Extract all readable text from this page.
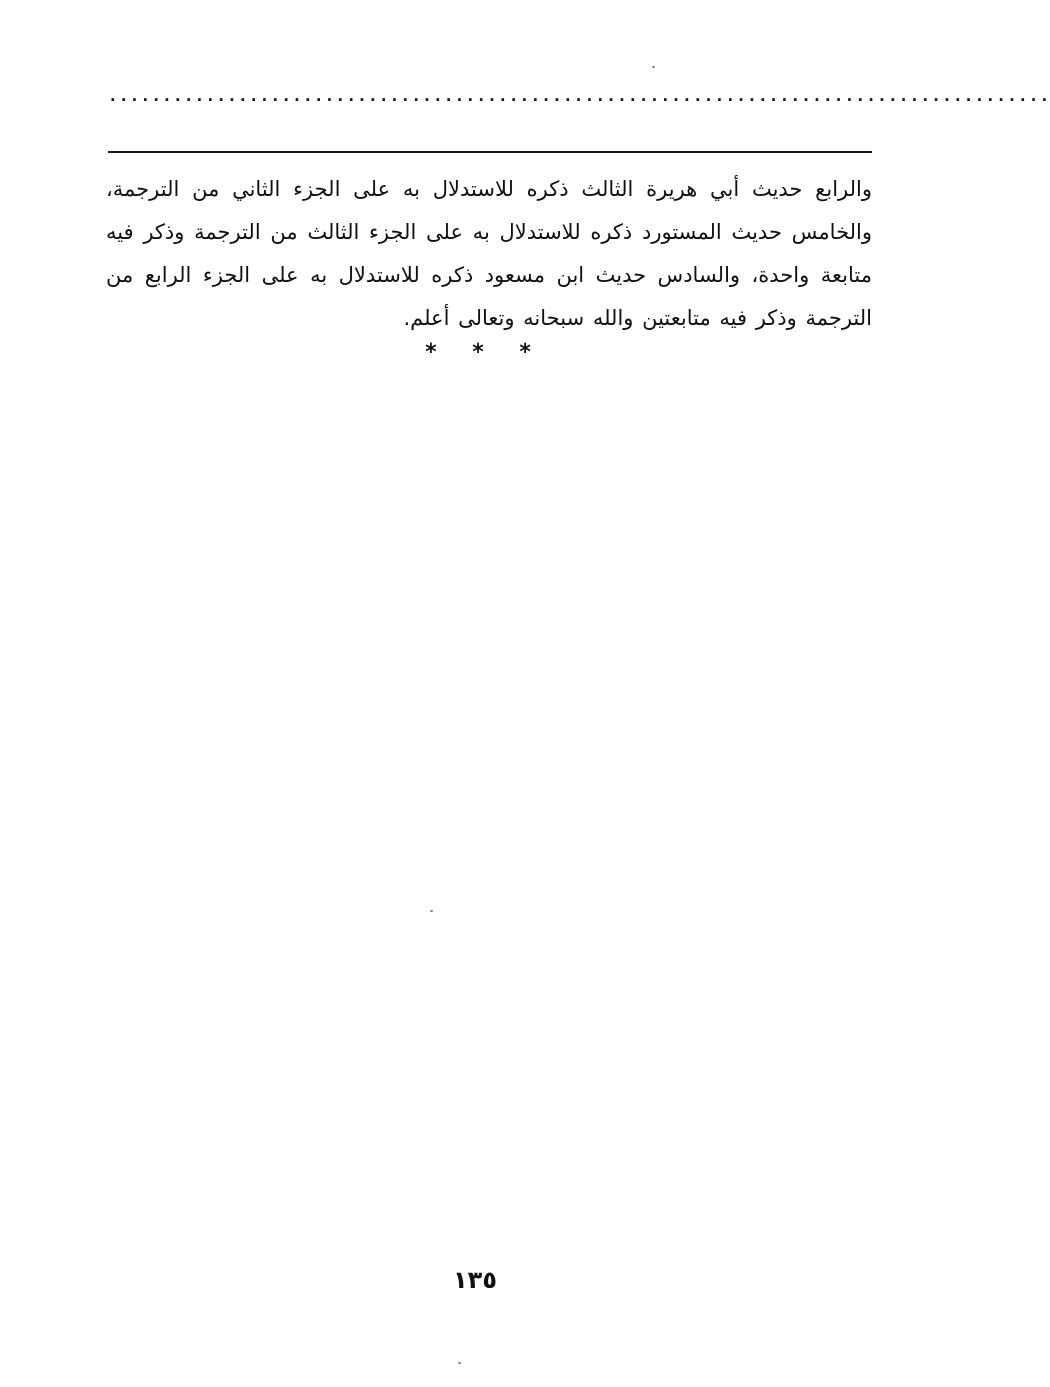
.......................................................................................

والرابع حديث أبي هريرة الثالث ذكره للاستدلال به على الجزء الثاني من الترجمة، والخامس حديث المستورد ذكره للاستدلال به على الجزء الثالث من الترجمة وذكر فيه متابعة واحدة، والسادس حديث ابن مسعود ذكره للاستدلال به على الجزء الرابع من الترجمة وذكر فيه متابعتين والله سبحانه وتعالى أعلم.

* * *
١٣٥
